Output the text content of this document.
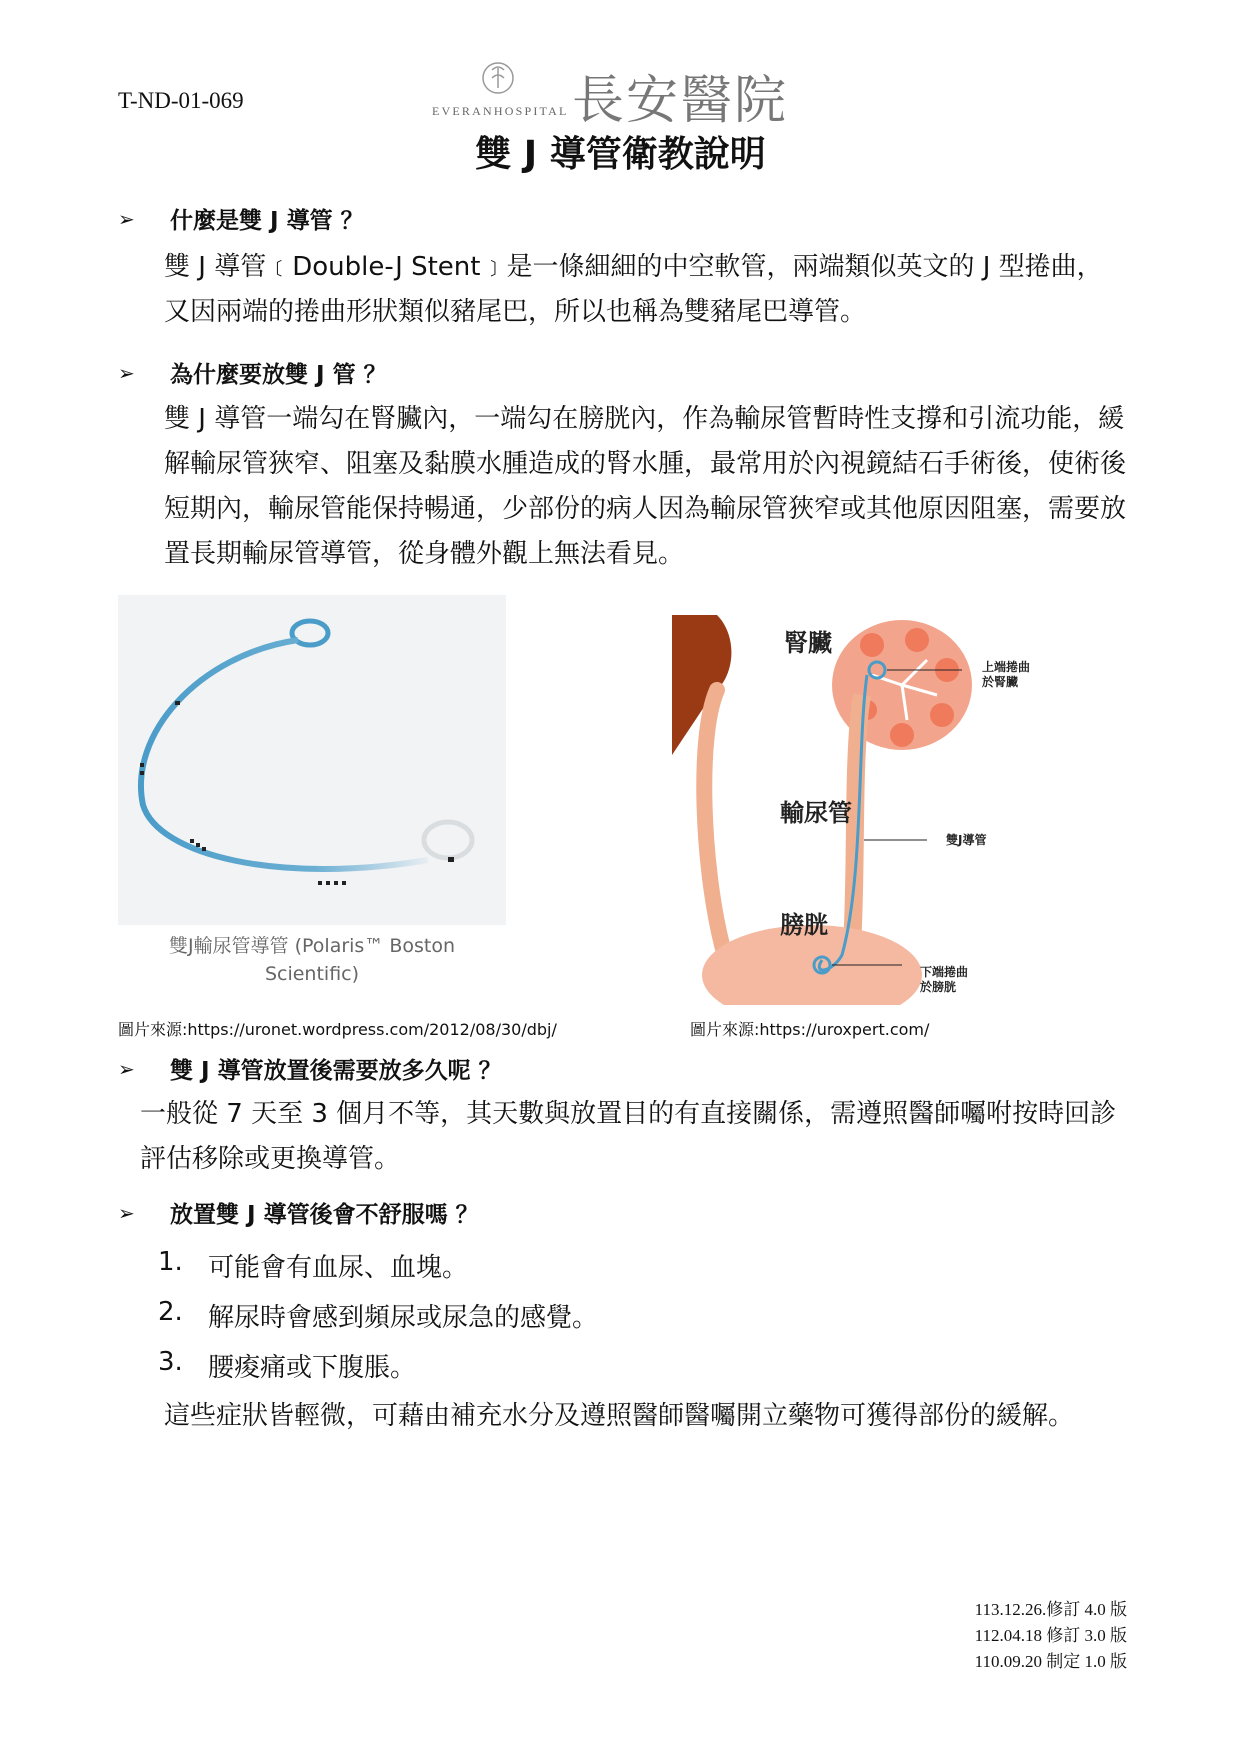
T-ND-01-069	EVERANHOSPITAL 長安醫院
雙 J 導管衛教說明
➢	什麼是雙 J 導管 ？
雙 J 導管﹝Double-J Stent﹞是一條細細的中空軟管，兩端類似英文的 J 型捲曲，又因兩端的捲曲形狀類似豬尾巴，所以也稱為雙豬尾巴導管。
➢	為什麼要放雙 J 管 ？
雙 J 導管一端勾在腎臟內，一端勾在膀胱內，作為輸尿管暫時性支撐和引流功能，緩解輸尿管狹窄、阻塞及黏膜水腫造成的腎水腫，最常用於內視鏡結石手術後，使術後短期內，輸尿管能保持暢通，少部份的病人因為輸尿管狹窄或其他原因阻塞，需要放置長期輸尿管導管，從身體外觀上無法看見。
雙J輸尿管導管 (Polaris™ Boston
Scientific)
腎臟
輸尿管
膀胱
上端捲曲
於腎臟
雙J導管
下端捲曲
於膀胱
圖片來源:https://uronet.wordpress.com/2012/08/30/dbj/	圖片來源:https://uroxpert.com/
➢	雙 J 導管放置後需要放多久呢 ？
一般從 7 天至 3 個月不等，其天數與放置目的有直接關係，需遵照醫師囑咐按時回診評估移除或更換導管。
➢	放置雙 J 導管後會不舒服嗎 ？
1. 可能會有血尿、血塊。
2. 解尿時會感到頻尿或尿急的感覺。
3. 腰痠痛或下腹脹。
這些症狀皆輕微，可藉由補充水分及遵照醫師醫囑開立藥物可獲得部份的緩解。
113.12.26.修訂 4.0 版
112.04.18 修訂 3.0 版
110.09.20 制定 1.0 版
